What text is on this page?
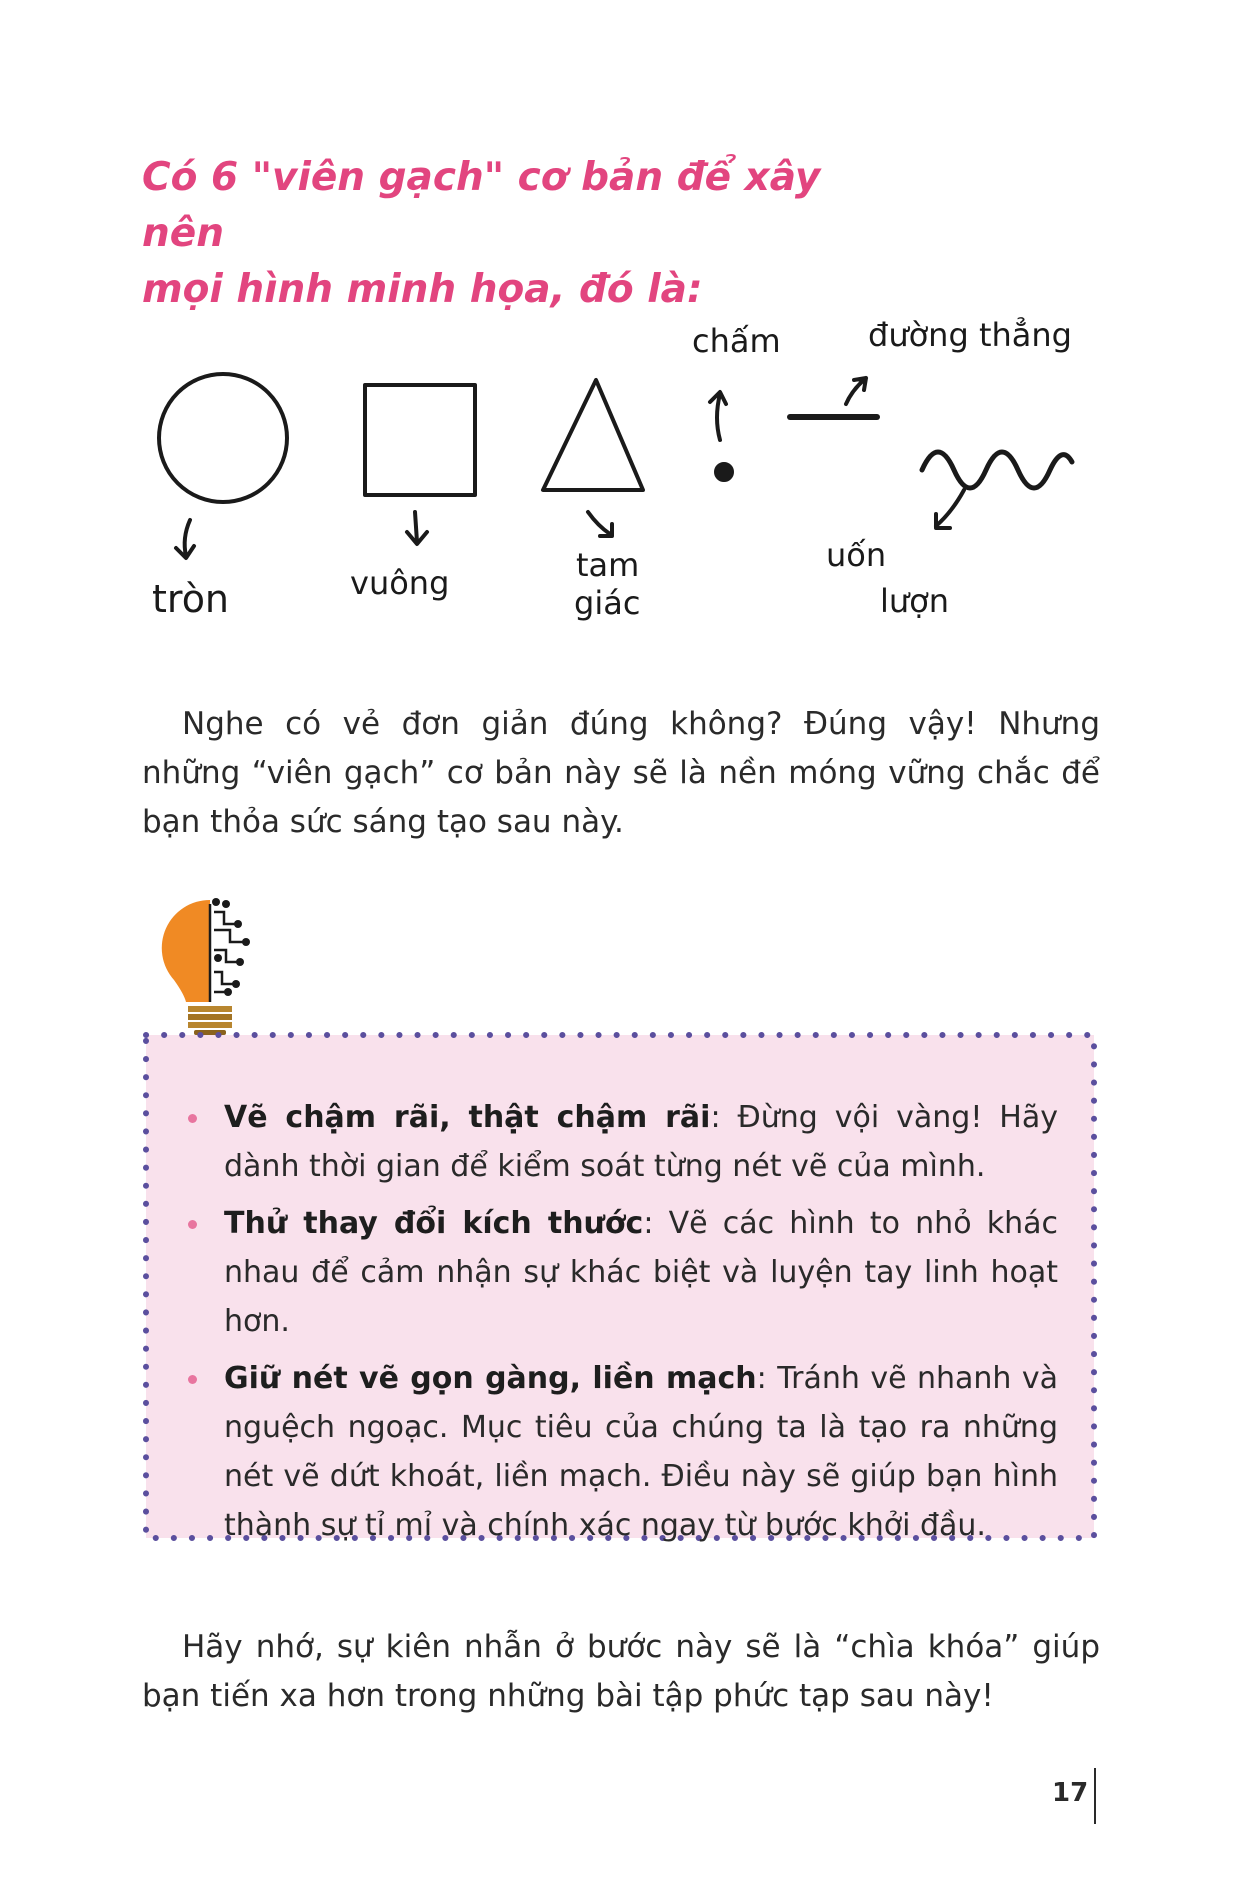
Có 6 "viên gạch" cơ bản để xây nên
mọi hình minh họa, đó là:
tròn	vuông	tam
giác
chấm	đường thẳng
uốn
lượn

Nghe có vẻ đơn giản đúng không? Đúng vậy! Nhưng những “viên gạch” cơ bản này sẽ là nền móng vững chắc để bạn thỏa sức sáng tạo sau này.

Vẽ chậm rãi, thật chậm rãi: Đừng vội vàng! Hãy dành thời gian để kiểm soát từng nét vẽ của mình.
Thử thay đổi kích thước: Vẽ các hình to nhỏ khác nhau để cảm nhận sự khác biệt và luyện tay linh hoạt hơn.
Giữ nét vẽ gọn gàng, liền mạch: Tránh vẽ nhanh và nguệch ngoạc. Mục tiêu của chúng ta là tạo ra những nét vẽ dứt khoát, liền mạch. Điều này sẽ giúp bạn hình thành sự tỉ mỉ và chính xác ngay từ bước khởi đầu.

Hãy nhớ, sự kiên nhẫn ở bước này sẽ là “chìa khóa” giúp bạn tiến xa hơn trong những bài tập phức tạp sau này!

17
